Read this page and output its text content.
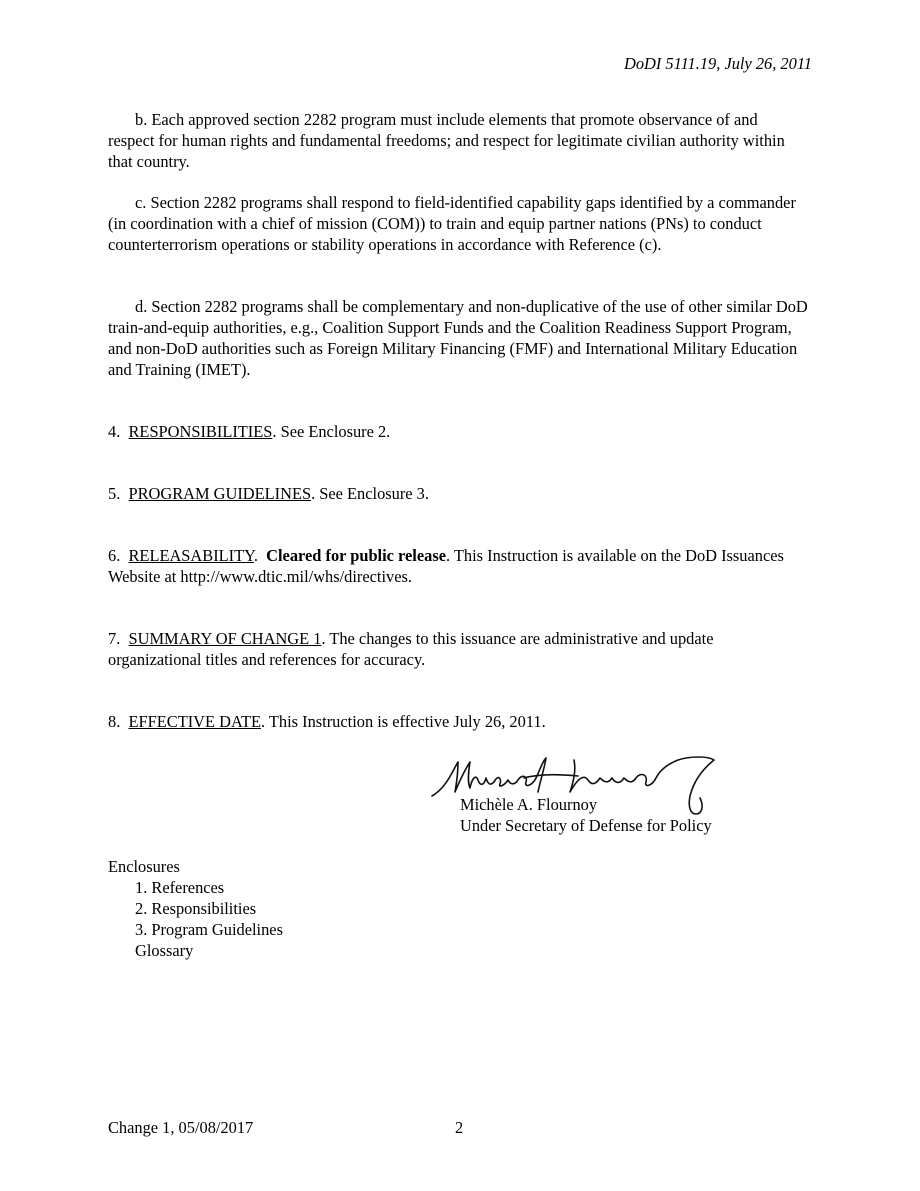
DoDI 5111.19, July 26, 2011

b. Each approved section 2282 program must include elements that promote observance of and respect for human rights and fundamental freedoms; and respect for legitimate civilian authority within that country.

c. Section 2282 programs shall respond to field-identified capability gaps identified by a commander (in coordination with a chief of mission (COM)) to train and equip partner nations (PNs) to conduct counterterrorism operations or stability operations in accordance with Reference (c).

d. Section 2282 programs shall be complementary and non-duplicative of the use of other similar DoD train-and-equip authorities, e.g., Coalition Support Funds and the Coalition Readiness Support Program, and non-DoD authorities such as Foreign Military Financing (FMF) and International Military Education and Training (IMET).

4. RESPONSIBILITIES. See Enclosure 2.

5. PROGRAM GUIDELINES. See Enclosure 3.

6. RELEASABILITY.  Cleared for public release. This Instruction is available on the DoD Issuances Website at http://www.dtic.mil/whs/directives.

7. SUMMARY OF CHANGE 1. The changes to this issuance are administrative and update organizational titles and references for accuracy.

8. EFFECTIVE DATE. This Instruction is effective July 26, 2011.

Michèle A. Flournoy
Under Secretary of Defense for Policy
Enclosures
1. References
2. Responsibilities
3. Program Guidelines
Glossary
Change 1, 05/08/2017	2
